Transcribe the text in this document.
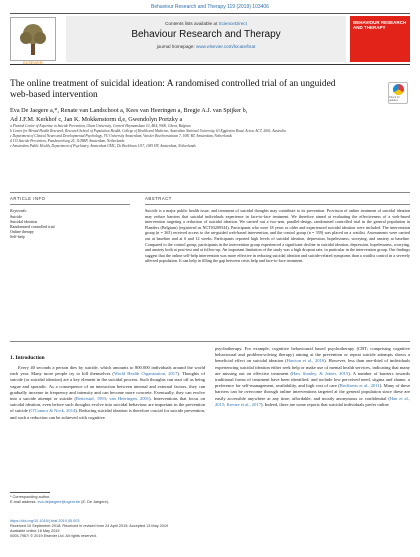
Behaviour Research and Therapy 119 (2019) 103406
ELSEVIER
Contents lists available at ScienceDirect
Behaviour Research and Therapy
journal homepage: www.elsevier.com/locate/brat
BEHAVIOUR RESEARCH AND THERAPY
The online treatment of suicidal ideation: A randomised controlled trial of an unguided web-based intervention	Check for updates
Eva De Jaegere a,*, Renate van Landschoot a, Kees van Heeringen a, Bregje A.J. van Spijker b,
Ad J.F.M. Kerkhof c, Jan K. Mokkenstorm d,e, Gwendolyn Portzky a
a Flemish Centre of Expertise in Suicide Prevention, Ghent University, Corneel Heymanslaan 10, 4K4, 9000, Ghent, Belgium
b Centre for Mental Health Research, Research School of Population Health, College of Health and Medicine, Australian National University, 63 Eggleston Road, Acton, ACT, 2601, Australia
c Department of Clinical Neuro and Developmental Psychology, VU University Amsterdam, Van der Boechorststraat 7, 1081 BT, Amsterdam, Netherlands
d 113 Suicide Prevention, Paasheuvelweg 25, 1105BP, Amsterdam, Netherlands
e Amsterdam Public Health, Department of Psychiatry, Amsterdam UMC, De Boelelaan 1117, 1081 HV, Amsterdam, Netherlands
ARTICLE INFO	ABSTRACT
Keywords:
Suicide
Suicidal ideation
Randomised controlled trial
Online therapy
Self-help
Suicide is a major public health issue, and treatment of suicidal thoughts may contribute to its prevention. Provision of online treatment of suicidal ideation may reduce barriers that suicidal individuals experience in face-to-face treatment. We therefore aimed at evaluating the effectiveness of a web-based intervention targeting a reduction of suicidal ideation. We carried out a two-arm, parallel-design, randomised controlled trial in the general population in Flanders (Belgium) (registered as NCT03209544). Participants who were 18 years or older and experienced suicidal ideation were included. The intervention group (n = 365) received access to the un-guided web-based intervention, and the control group (n = 359) was placed on a waitlist. Assessments were carried out at baseline and at 6 and 12 weeks. Participants reported high levels of suicidal ideation, depression, hopelessness, worrying, and anxiety at baseline. Compared to the control group, participants in the intervention group experienced a significant decline in suicidal ideation, depression, hopelessness, worrying, and anxiety both at post-test and at follow-up. An important limitation of the study was a high dropout rate, in particular in the intervention group. Our findings suggest that the online self-help intervention was more effective in reducing suicidal ideation and suicide-related symptoms than a waitlist control in a severely affected population. It can help in filling the gap between crisis help and face-to-face treatment.
1. Introduction

Every 40 seconds a person dies by suicide, which amounts to 800.000 individuals around the world each year. Many more people try to kill themselves (World Health Organization, 2017). Thoughts of suicide (or suicidal ideation) are a key element in the suicidal process. Such thoughts can start off as being vague and sporadic. As a consequence of an interaction between internal and external factors, they can gradually increase in frequency and intensity and can become more concrete. Eventually, they can evolve into a suicide attempt or suicide (Retterstøl, 1993; van Heeringen, 2001). Interventions that focus on suicidal ideation, even before such thoughts evolve into suicidal behaviour are important in the prevention of suicide (O'Connor & Nock, 2014). Reducing suicidal ideation is therefore crucial for suicide prevention, and such a reduction can be achieved with cognitive

psychotherapy. For example, cognitive behavioural based psychotherapy (CBT; comprising cognitive behavioural and problem-solving therapy) aiming at the prevention or repeat suicide attempts shows a beneficial effect on suicidal ideation (Hawton et al., 2016). However, less than one-third of individuals experiencing suicidal ideation either seek help or make use of mental health services, indicating that many are missing out on effective treatment (Han, Stanley, & Joiner, 2015). A number of barriers towards traditional forms of treatment have been identified, and include low perceived need, stigma and shame, a preference for self-management, availability, and high cost of care (Bruffaerts et al., 2011). Many of these barriers can be overcome through online interventions targeted at the general population since these are easily accessible anywhere at any time, affordable, and mostly anonymous or confidential (Han et al., 2015; Kreuze et al., 2017). Indeed, there are some reports that suicidal individuals prefer online

* Corresponding author.
E-mail address: eva.dejaegere@ugent.be (E. De Jaegere).
https://doi.org/10.1016/j.brat.2019.05.003
Received 10 September 2018; Received in revised form 24 April 2019; Accepted 13 May 2019
Available online 16 May 2019
0005-7967/ © 2019 Elsevier Ltd. All rights reserved.
